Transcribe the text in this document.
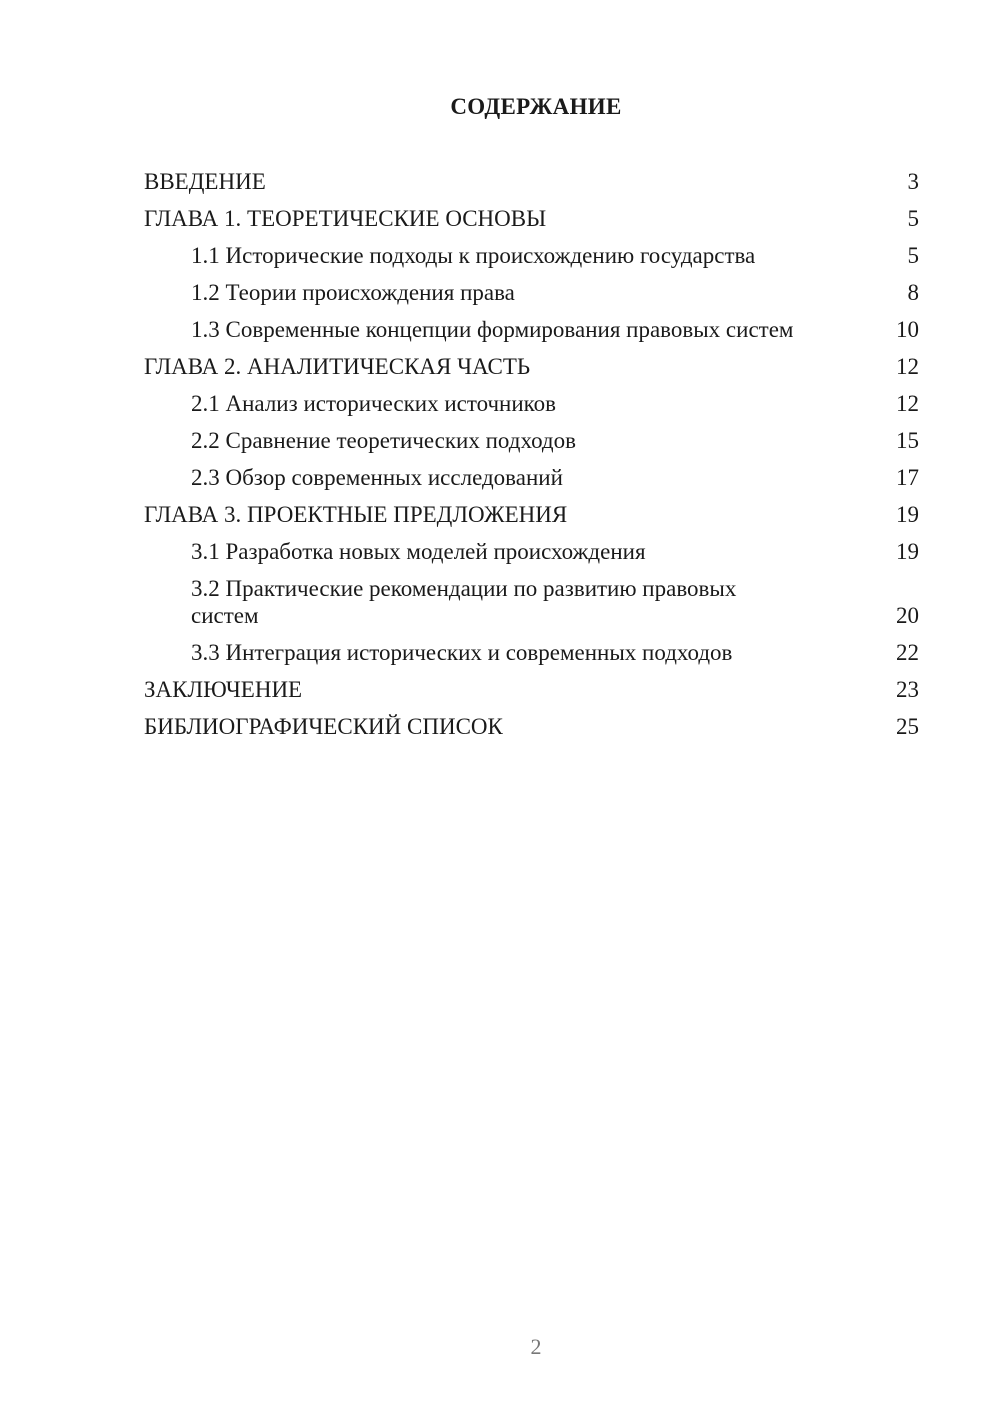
СОДЕРЖАНИЕ
ВВЕДЕНИЕ	3
ГЛАВА 1. ТЕОРЕТИЧЕСКИЕ ОСНОВЫ	5
1.1 Исторические подходы к происхождению государства	5
1.2 Теории происхождения права	8
1.3 Современные концепции формирования правовых систем	10
ГЛАВА 2. АНАЛИТИЧЕСКАЯ ЧАСТЬ	12
2.1 Анализ исторических источников	12
2.2 Сравнение теоретических подходов	15
2.3 Обзор современных исследований	17
ГЛАВА 3. ПРОЕКТНЫЕ ПРЕДЛОЖЕНИЯ	19
3.1 Разработка новых моделей происхождения	19
3.2 Практические рекомендации по развитию правовых систем	20
3.3 Интеграция исторических и современных подходов	22
ЗАКЛЮЧЕНИЕ	23
БИБЛИОГРАФИЧЕСКИЙ СПИСОК	25
2
